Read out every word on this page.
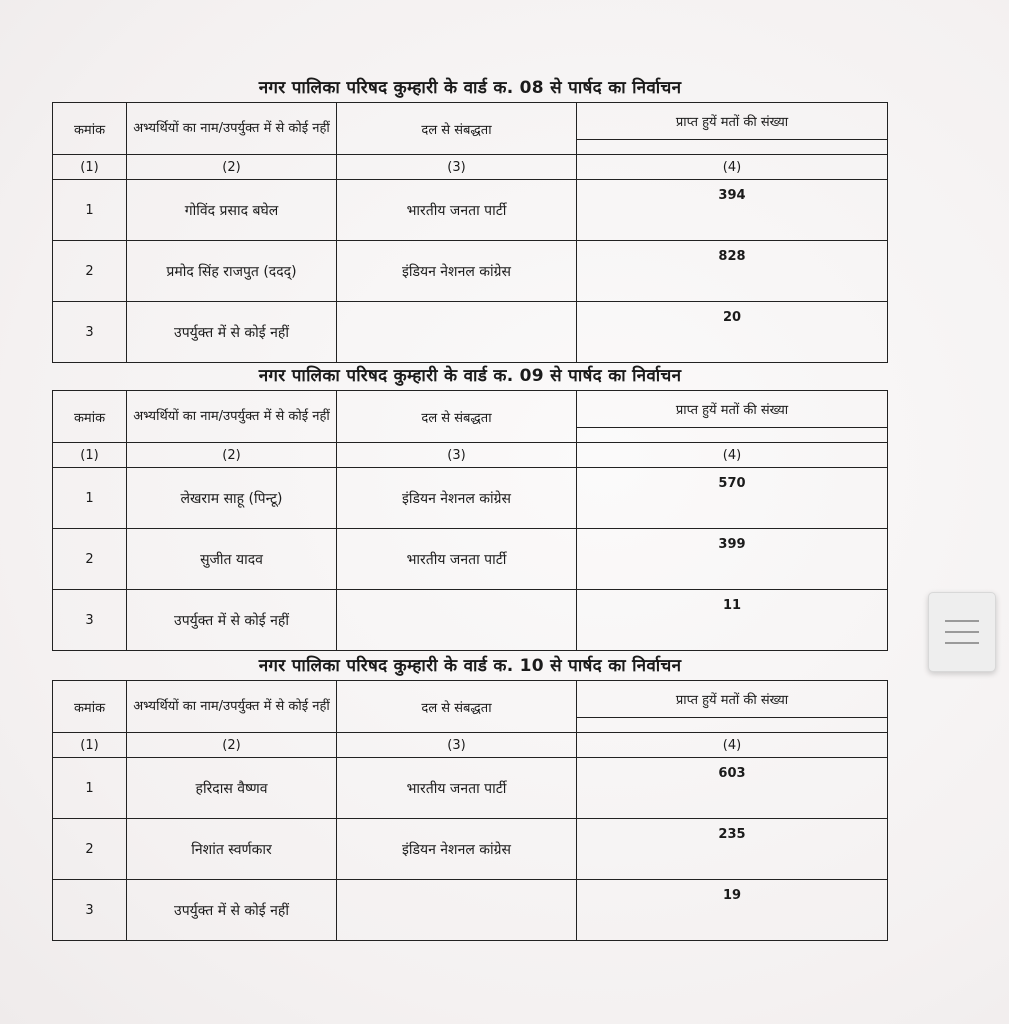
नगर पालिका परिषद कुम्हारी के वार्ड क. 08 से पार्षद का निर्वाचन
कमांक	अभ्यर्थियों का नाम/उपर्युक्त में से कोई नहीं	दल से संबद्धता	प्राप्त हुयें मतों की संख्या

(1)	(2)	(3)	(4)
1	गोविंद प्रसाद बघेल	भारतीय जनता पार्टी	394
2	प्रमोद सिंह राजपुत (ददद्)	इंडियन नेशनल कांग्रेस	828
3	उपर्युक्त में से कोई नहीं		20
नगर पालिका परिषद कुम्हारी के वार्ड क. 09 से पार्षद का निर्वाचन
कमांक	अभ्यर्थियों का नाम/उपर्युक्त में से कोई नहीं	दल से संबद्धता	प्राप्त हुयें मतों की संख्या

(1)	(2)	(3)	(4)
1	लेखराम साहू (पिन्टू)	इंडियन नेशनल कांग्रेस	570
2	सुजीत यादव	भारतीय जनता पार्टी	399
3	उपर्युक्त में से कोई नहीं		11
नगर पालिका परिषद कुम्हारी के वार्ड क. 10 से पार्षद का निर्वाचन
कमांक	अभ्यर्थियों का नाम/उपर्युक्त में से कोई नहीं	दल से संबद्धता	प्राप्त हुयें मतों की संख्या

(1)	(2)	(3)	(4)
1	हरिदास वैष्णव	भारतीय जनता पार्टी	603
2	निशांत स्वर्णकार	इंडियन नेशनल कांग्रेस	235
3	उपर्युक्त में से कोई नहीं		19
